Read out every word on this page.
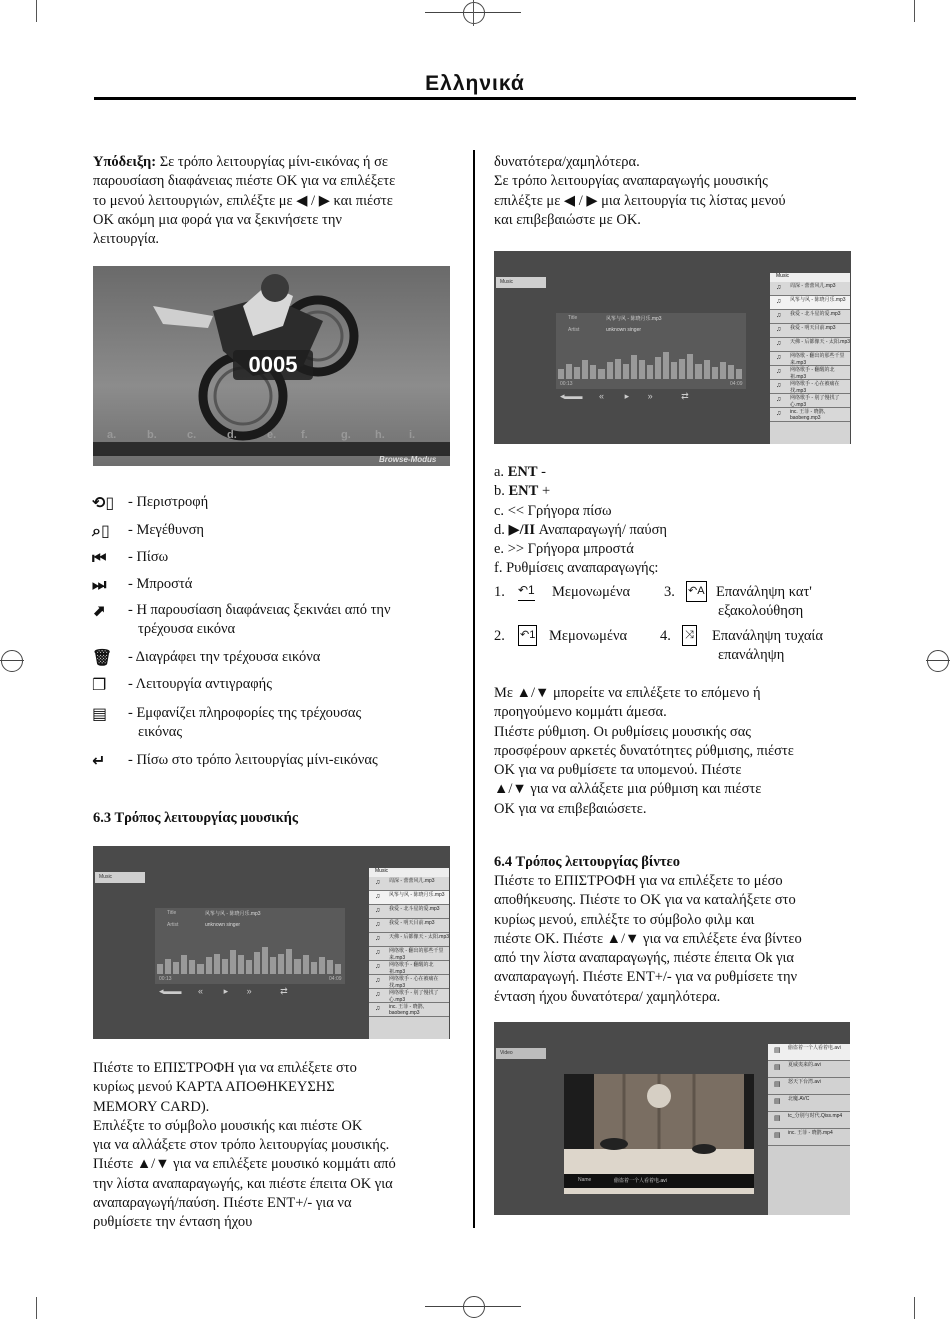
Ελληνικά

Υπόδειξη: Σε τρόπο λειτουργίας μίνι-εικόνας ή σε

παρουσίαση διαφάνειας πιέστε OK για να επιλέξετε

το μενού λειτουργιών, επιλέξτε με ◀ / ▶ και πιέστε

OK ακόμη μια φορά για να ξεκινήσετε την

λειτουργία.

0005
Browse-Modus
a.	b.	c.	d.	e. f.	g. h. i.
⟲▯ - Περιστροφή
⌕▯	- Μεγέθυνση
⏮	- Πίσω
⏭	- Μπροστά
⬈	- Η παρουσίαση διαφάνειας ξεκινάει από την
τρέχουσα εικόνα
🗑	- Διαγράφει την τρέχουσα εικόνα
❐	- Λειτουργία αντιγραφής
▤	- Εμφανίζει πληροφορίες της τρέχουσας
εικόνας
↵	- Πίσω στο τρόπο λειτουργίας μίνι-εικόνας
6.3 Τρόπος λειτουργίας μουσικής
Music
Title	风筝与风 - 陈晓月乐.mp3
Artist	unknown singer
00:13	04:09
◂▬▬ « ▸ »	⇄
Music
♫ 周深 - 蕾蕾风儿.mp3
♫ 风筝与风 - 陈晓月乐.mp3
♫ 我爱 - 北斗星的爱.mp3
♫ 我爱 - 明天目前.mp3
♫ 天佛 - 后都像天 - 太阳.mp3
♫ 网络歌 - 翻出的那些千里来.mp3
♫ 网络歌手 - 翻醒的北祖.mp3
♫ 网络歌手 - 心在被痛在找.mp3
♫ 网络歌手 - 别了慢找了心.mp3
♫ inc. 王菲 - 晓鹊, baobeng.mp3

Πιέστε το ΕΠΙΣΤΡΟΦΗ για να επιλέξετε στο

κυρίως μενού ΚΑΡΤΑ ΑΠΟΘΗΚΕΥΣΗΣ

MEMORY CARD).

Επιλέξτε το σύμβολο μουσικής και πιέστε OK

για να αλλάξετε στον τρόπο λειτουργίας μουσικής.

Πιέστε ▲/▼ για να επιλέξετε μουσικό κομμάτι από

την λίστα αναπαραγωγής, και πιέστε έπειτα OK για

αναπαραγωγή/παύση. Πιέστε ENT+/- για να

ρυθμίσετε την ένταση ήχου

δυνατότερα/χαμηλότερα.

Σε τρόπο λειτουργίας αναπαραγωγής μουσικής

επιλέξτε με ◀ / ▶ μια λειτουργία τις λίστας μενού

και επιβεβαιώστε με OK.

Music
Title	风筝与风 - 陈晓月乐.mp3
Artist	unknown singer
00:13	04:09
◂▬▬ « ▸ »	⇄
Music
♫ 周深 - 蕾蕾风儿.mp3
♫ 风筝与风 - 陈晓月乐.mp3
♫ 我爱 - 北斗星的爱.mp3
♫ 我爱 - 明天目前.mp3
♫ 天佛 - 后都像天 - 太阳.mp3
♫ 网络歌 - 翻出的那些千里来.mp3
♫ 网络歌手 - 翻醒的北祖.mp3
♫ 网络歌手 - 心在被痛在找.mp3
♫ 网络歌手 - 别了慢找了心.mp3
♫ inc. 王菲 - 晓鹊, baobeng.mp3

a. ENT -

b. ENT +

c. << Γρήγορα πίσω

d. ▶/II Αναπαραγωγή/ παύση

e. >> Γρήγορα μπροστά

f. Ρυθμίσεις αναπαραγωγής:

1. ↶1 Μεμονωμένα 3. ↶A Επανάληψη κατ'
εξακολούθηση
2. ↶1 Μεμονωμένα 4. ⤨ Επανάληψη τυχαία
επανάληψη

Με ▲/▼ μπορείτε να επιλέξετε το επόμενο ή

προηγούμενο κομμάτι άμεσα.

Πιέστε ρύθμιση. Οι ρυθμίσεις μουσικής σας

προσφέρουν αρκετές δυνατότητες ρύθμισης, πιέστε

OK για να ρυθμίσετε τα υπομενού. Πιέστε

▲/▼ για να αλλάξετε μια ρύθμιση και πιέστε

OK για να επιβεβαιώσετε.

6.4 Τρόπος λειτουργίας βίντεο

Πιέστε το ΕΠΙΣΤΡΟΦΗ για να επιλέξετε το μέσο

αποθήκευσης. Πιέστε το OK για να καταλήξετε στο

κυρίως μενού, επιλέξτε το σύμβολο φιλμ και

πιέστε OK. Πιέστε ▲/▼ για να επιλέξετε ένα βίντεο

από την λίστα αναπαραγωγής, πιέστε έπειτα Ok για

αναπαραγωγή. Πιέστε ENT+/- για να ρυθμίσετε την

ένταση ήχου δυνατότερα/ χαμηλότερα.

Video
Name	偷盗着一个人看着电.avi
▤ 偷盗着一个人看着电.avi
▤ 夏威夷来的.avi
▤ 怒天下台湾.avi
▤ 北魔.AVC
▤ tc_分别与时代.Qiss.mp4
▤ inc. 王菲 - 晓鹊.mp4
